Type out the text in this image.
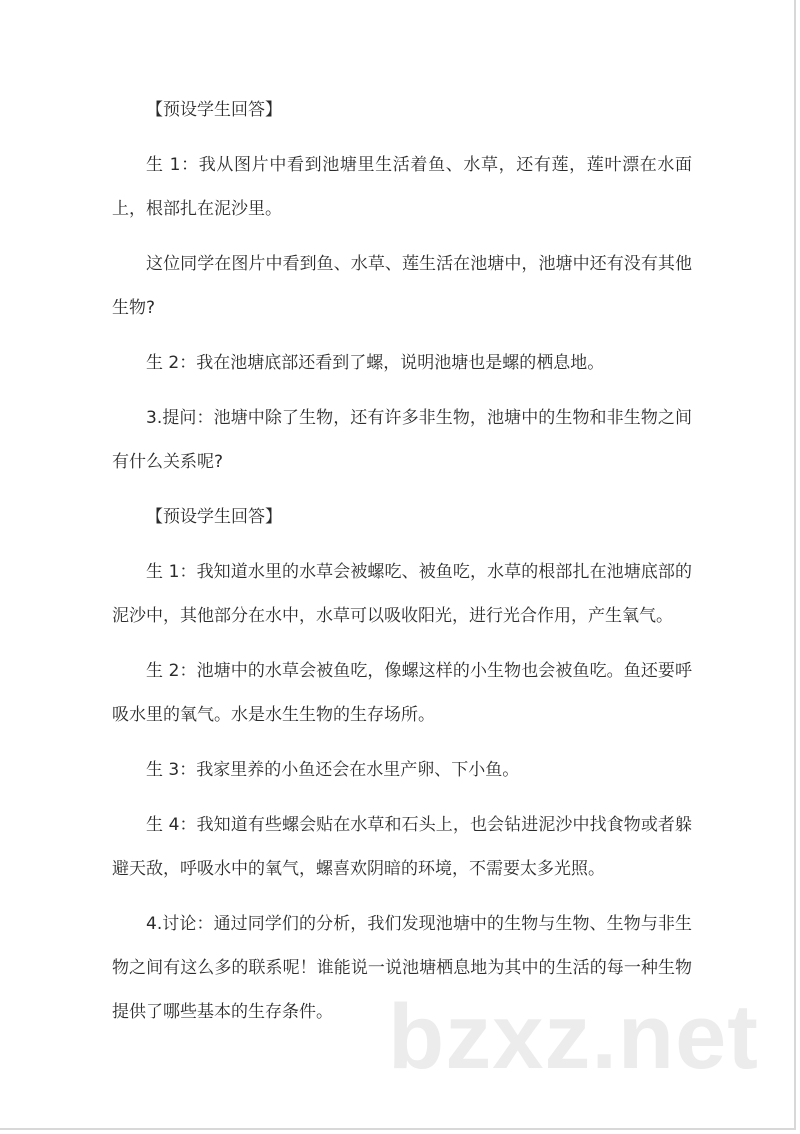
【预设学生回答】

生 1：我从图片中看到池塘里生活着鱼、水草，还有莲，莲叶漂在水面上，根部扎在泥沙里。

这位同学在图片中看到鱼、水草、莲生活在池塘中，池塘中还有没有其他生物?

生 2：我在池塘底部还看到了螺，说明池塘也是螺的栖息地。

3.提问：池塘中除了生物，还有许多非生物，池塘中的生物和非生物之间有什么关系呢?

【预设学生回答】

生 1：我知道水里的水草会被螺吃、被鱼吃，水草的根部扎在池塘底部的泥沙中，其他部分在水中，水草可以吸收阳光，进行光合作用，产生氧气。

生 2：池塘中的水草会被鱼吃，像螺这样的小生物也会被鱼吃。鱼还要呼吸水里的氧气。水是水生生物的生存场所。

生 3：我家里养的小鱼还会在水里产卵、下小鱼。

生 4：我知道有些螺会贴在水草和石头上，也会钻进泥沙中找食物或者躲避天敌，呼吸水中的氧气，螺喜欢阴暗的环境，不需要太多光照。

4.讨论：通过同学们的分析，我们发现池塘中的生物与生物、生物与非生物之间有这么多的联系呢！谁能说一说池塘栖息地为其中的生活的每一种生物提供了哪些基本的生存条件。 bzxz.net
